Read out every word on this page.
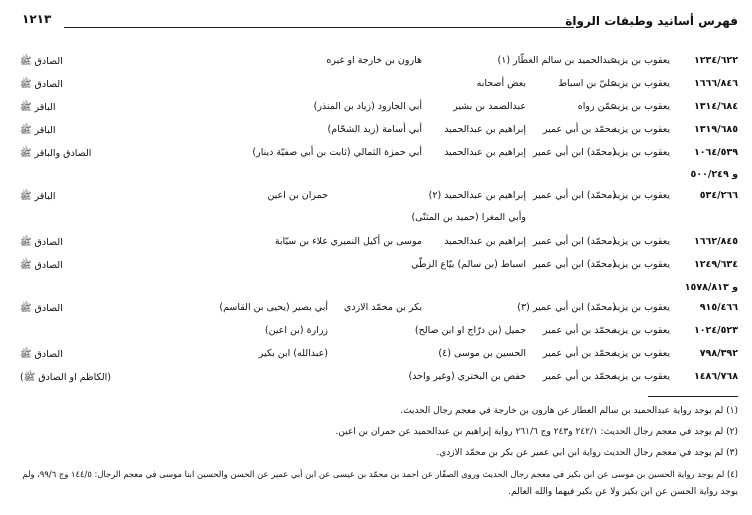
فهرس أسانيد وطبقات الرواة
١٢١٣
١٢٣٤/٦٢٢
يعقوب بن يزيد
عبدالحميد بن سالم العطّار (١)
هارون بن خارجة او غيره
الصادق ﷺ
١٦٦٦/٨٤٦
يعقوب بن يزيد
عليّ بن اسباط
بعض أصحابه
الصادق ﷺ
١٣١٤/٦٨٤
يعقوب بن يزيد
عمّن رواه
عبدالصمد بن بشير
أبي الجارود (زياد بن المنذر)
الباقر ﷺ
١٣١٩/٦٨٥
يعقوب بن يزيد
محمّد بن أبي عمير
إبراهيم بن عبدالحميد
أبي أسامة (زيد الشحّام)
الباقر ﷺ
١٠٦٤/٥٣٩
يعقوب بن يزيد
(محمّد) ابن أبي عمير
إبراهيم بن عبدالحميد
أبي حمزة الثمالي (ثابت بن أبي صفيّة دينار)
الصادق والباقر ﷺ
و ٥٠٠/٢٤٩
٥٣٤/٢٦٦
يعقوب بن يزيد
(محمّد) ابن أبي عمير
إبراهيم بن عبدالحميد (٢)
حمران بن اعين
الباقر ﷺ
وأبي المغرا (حميد بن المثنّى)
١٦٦٢/٨٤٥
يعقوب بن يزيد
(محمّد) ابن أبي عمير
إبراهيم بن عبدالحميد
موسى بن أكيل النميري
علاء بن سيّابة
الصادق ﷺ
١٢٤٩/٦٣٤
يعقوب بن يزيد
(محمّد) ابن أبي عمير
اسباط (بن سالم) بيّاع الزطّي
الصادق ﷺ
و ١٥٧٨/٨١٣
٩١٥/٤٦٦
يعقوب بن يزيد
(محمّد) ابن أبي عمير (٣)
بكر بن محمّد الازدي
أبي بصير (يحيى بن القاسم)
الصادق ﷺ
١٠٢٤/٥٢٣
يعقوب بن يزيد
محمّد بن أبي عمير
جميل (بن درّاج او ابن صالح)
زرارة (بن اعين)
٧٩٨/٣٩٢
يعقوب بن يزيد
محمّد بن أبي عمير
الحسين بن موسى (٤)
(عبدالله) ابن بكير
الصادق ﷺ
١٤٨٦/٧٦٨
يعقوب بن يزيد
محمّد بن أبي عمير
حفص بن البختري (وغير واحد)
(الكاظم او الصادق ﷺ)
(١) لم يوجد رواية عبدالحميد بن سالم العطّار عن هارون بن خارجة في معجم رجال الحديث.
(٢) لم يوجد في معجم رجال الحديث: ٢٤٢/١ و٢٤٣ وج ٢٦١/٦ رواية إبراهيم بن عبدالحميد عن حمران بن اعين.
(٣) لم يوجد في معجم رجال الحديث رواية ابن أبي عمير عن بكر بن محمّد الازدي.
(٤) لم يوجد رواية الحسين بن موسى عن ابن بكير في معجم رجال الحديث وروى الصفّار عن احمد بن محمّد بن عيسى عن ابن أبي عمير عن الحسن والحسين ابنا موسى في معجم الرجال: ١٤٤/٥ وج ٩٩/٦، ولم
يوجد رواية الحسن عن ابن بكير ولا عن بكير فيهما والله العالم.
